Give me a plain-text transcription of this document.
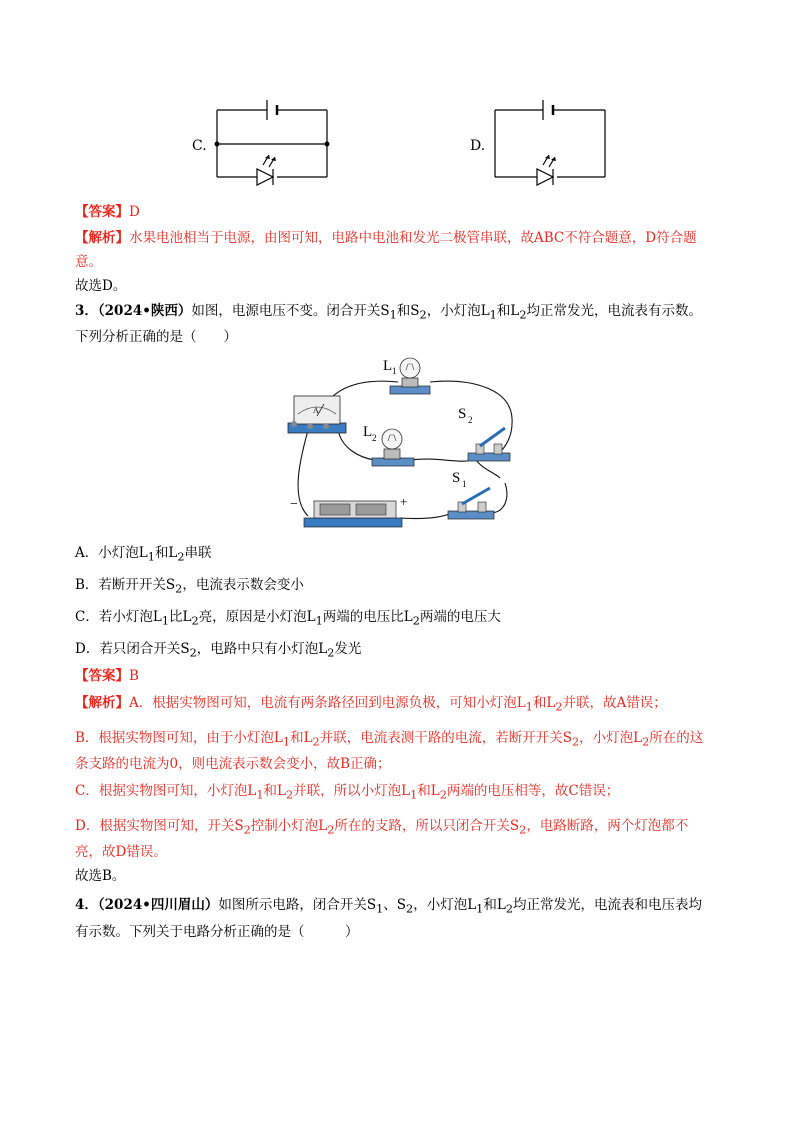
C.	D.
【答案】D
【解析】水果电池相当于电源，由图可知，电路中电池和发光二极管串联，故ABC不符合题意，D符合题
意。
故选D。
3．（2024•陕西）如图，电源电压不变。闭合开关$S_1$和$S_2$，小灯泡$L_1$和$L_2$均正常发光，电流表有示数。
下列分析正确的是（　　）
A
L 1
L 2
S 2
S 1
−	+
A．小灯泡$L_1$和$L_2$串联
B．若断开开关$S_2$，电流表示数会变小
C．若小灯泡$L_1$比$L_2$亮，原因是小灯泡$L_1$两端的电压比$L_2$两端的电压大
D．若只闭合开关$S_2$，电路中只有小灯泡$L_2$发光
【答案】B
【解析】A．根据实物图可知，电流有两条路径回到电源负极，可知小灯泡$L_1$和$L_2$并联，故A错误；
B．根据实物图可知，由于小灯泡$L_1$和$L_2$并联，电流表测干路的电流，若断开开关$S_2$，小灯泡$L_2$所在的这
条支路的电流为0，则电流表示数会变小，故B正确；
C．根据实物图可知，小灯泡$L_1$和$L_2$并联，所以小灯泡$L_1$和$L_2$两端的电压相等，故C错误；
D．根据实物图可知，开关$S_2$控制小灯泡$L_2$所在的支路，所以只闭合开关$S_2$，电路断路，两个灯泡都不
亮，故D错误。
故选B。
4．（2024•四川眉山）如图所示电路，闭合开关$S_1$、$S_2$，小灯泡$L_1$和$L_2$均正常发光，电流表和电压表均
有示数。下列关于电路分析正确的是（　　　）
